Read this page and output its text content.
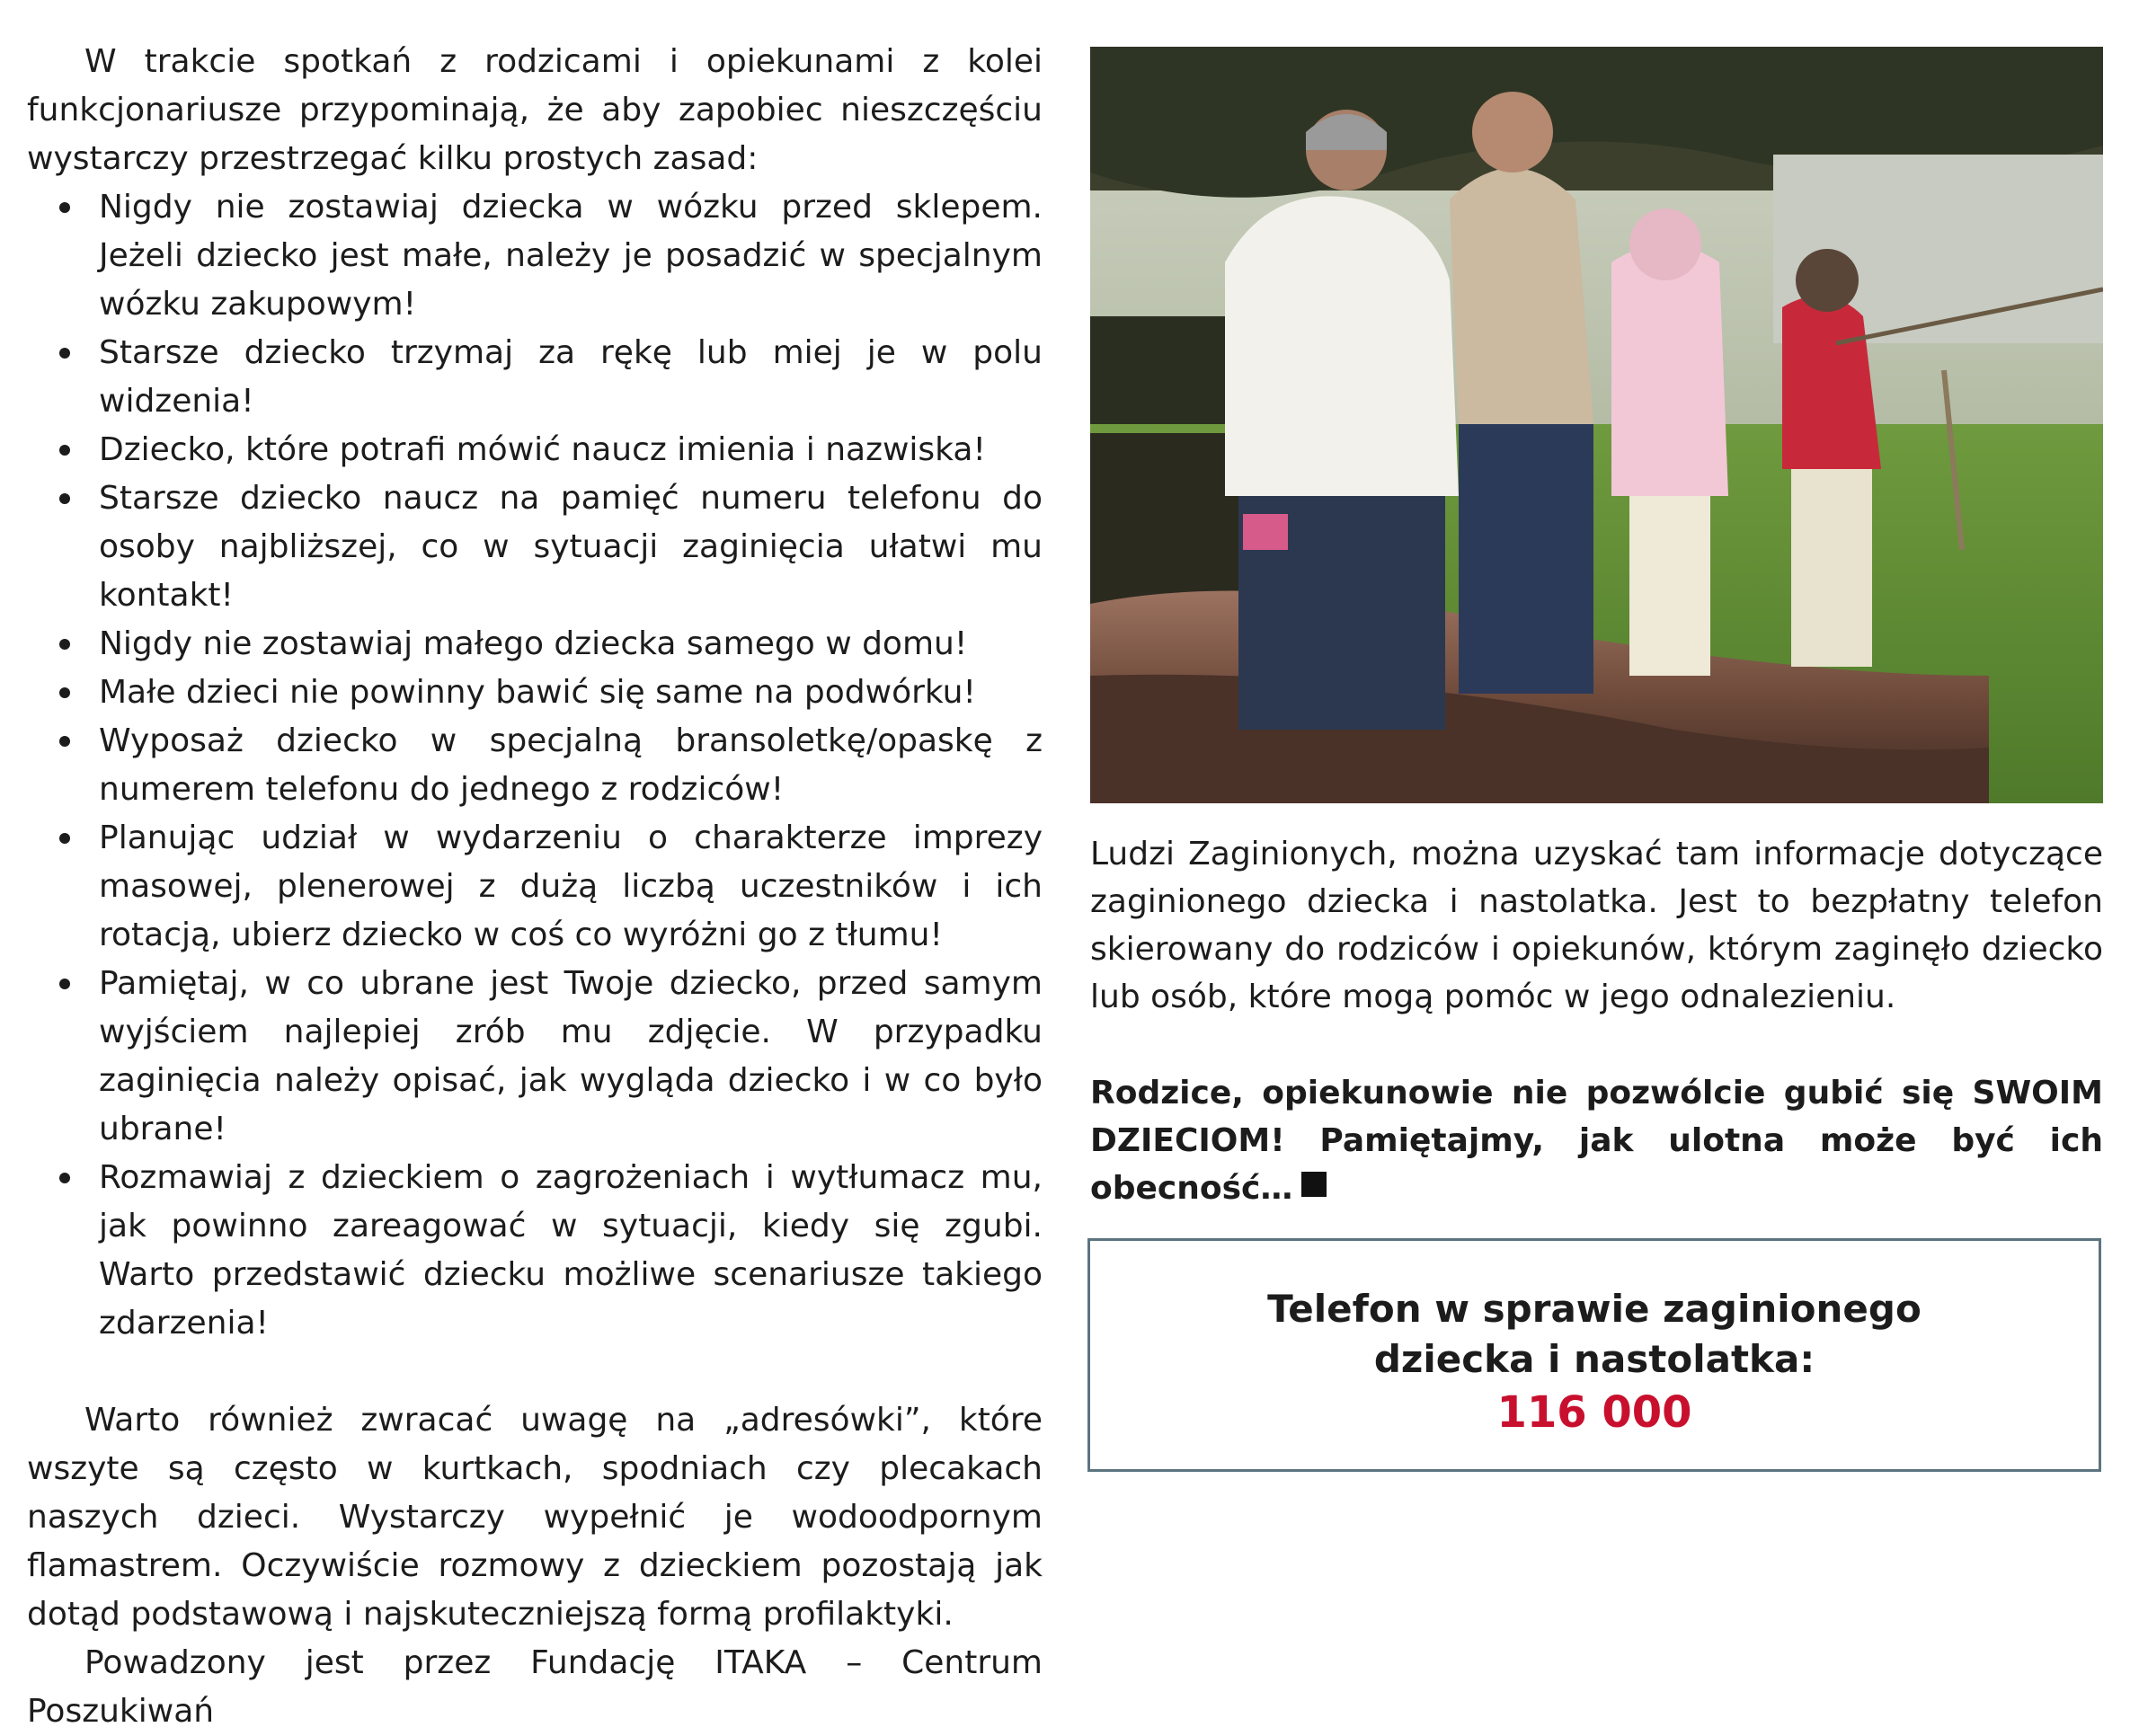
W trakcie spotkań z rodzicami i opiekunami z kolei funkcjonariusze przypominają, że aby zapobiec nieszczęściu wystarczy przestrzegać kilku prostych zasad:

Nigdy nie zostawiaj dziecka w wózku przed sklepem. Jeżeli dziecko jest małe, należy je posadzić w specjalnym wózku zakupowym!
Starsze dziecko trzymaj za rękę lub miej je w polu widzenia!
Dziecko, które potrafi mówić naucz imienia i nazwiska!
Starsze dziecko naucz na pamięć numeru telefonu do osoby najbliższej, co w sytuacji zaginięcia ułatwi mu kontakt!
Nigdy nie zostawiaj małego dziecka samego w domu!
Małe dzieci nie powinny bawić się same na podwórku!
Wyposaż dziecko w specjalną bransoletkę/opaskę z numerem telefonu do jednego z rodziców!
Planując udział w wydarzeniu o charakterze imprezy masowej, plenerowej z dużą liczbą uczestników i ich rotacją, ubierz dziecko w coś co wyróżni go z tłumu!
Pamiętaj, w co ubrane jest Twoje dziecko, przed samym wyjściem najlepiej zrób mu zdjęcie. W przypadku zaginięcia należy opisać, jak wygląda dziecko i w co było ubrane!
Rozmawiaj z dzieckiem o zagrożeniach i wytłumacz mu, jak powinno zareagować w sytuacji, kiedy się zgubi. Warto przedstawić dziecku możliwe scenariusze takiego zdarzenia!

Warto również zwracać uwagę na „adresówki”, które wszyte są często w kurtkach, spodniach czy plecakach naszych dzieci. Wystarczy wypełnić je wodoodpornym flamastrem. Oczywiście rozmowy z dzieckiem pozostają jak dotąd podstawową i najskuteczniejszą formą profilaktyki.

Powadzony jest przez Fundację ITAKA – Centrum Poszukiwań

Ludzi Zaginionych, można uzyskać tam informacje dotyczące zaginionego dziecka i nastolatka. Jest to bezpłatny telefon skierowany do rodziców i opiekunów, którym zaginęło dziecko lub osób, które mogą pomóc w jego odnalezieniu.

Rodzice, opiekunowie nie pozwólcie gubić się SWOIM DZIECIOM! Pamiętajmy, jak ulotna może być ich obecność…

Telefon w sprawie zaginionego
dziecka i nastolatka:
116 000
